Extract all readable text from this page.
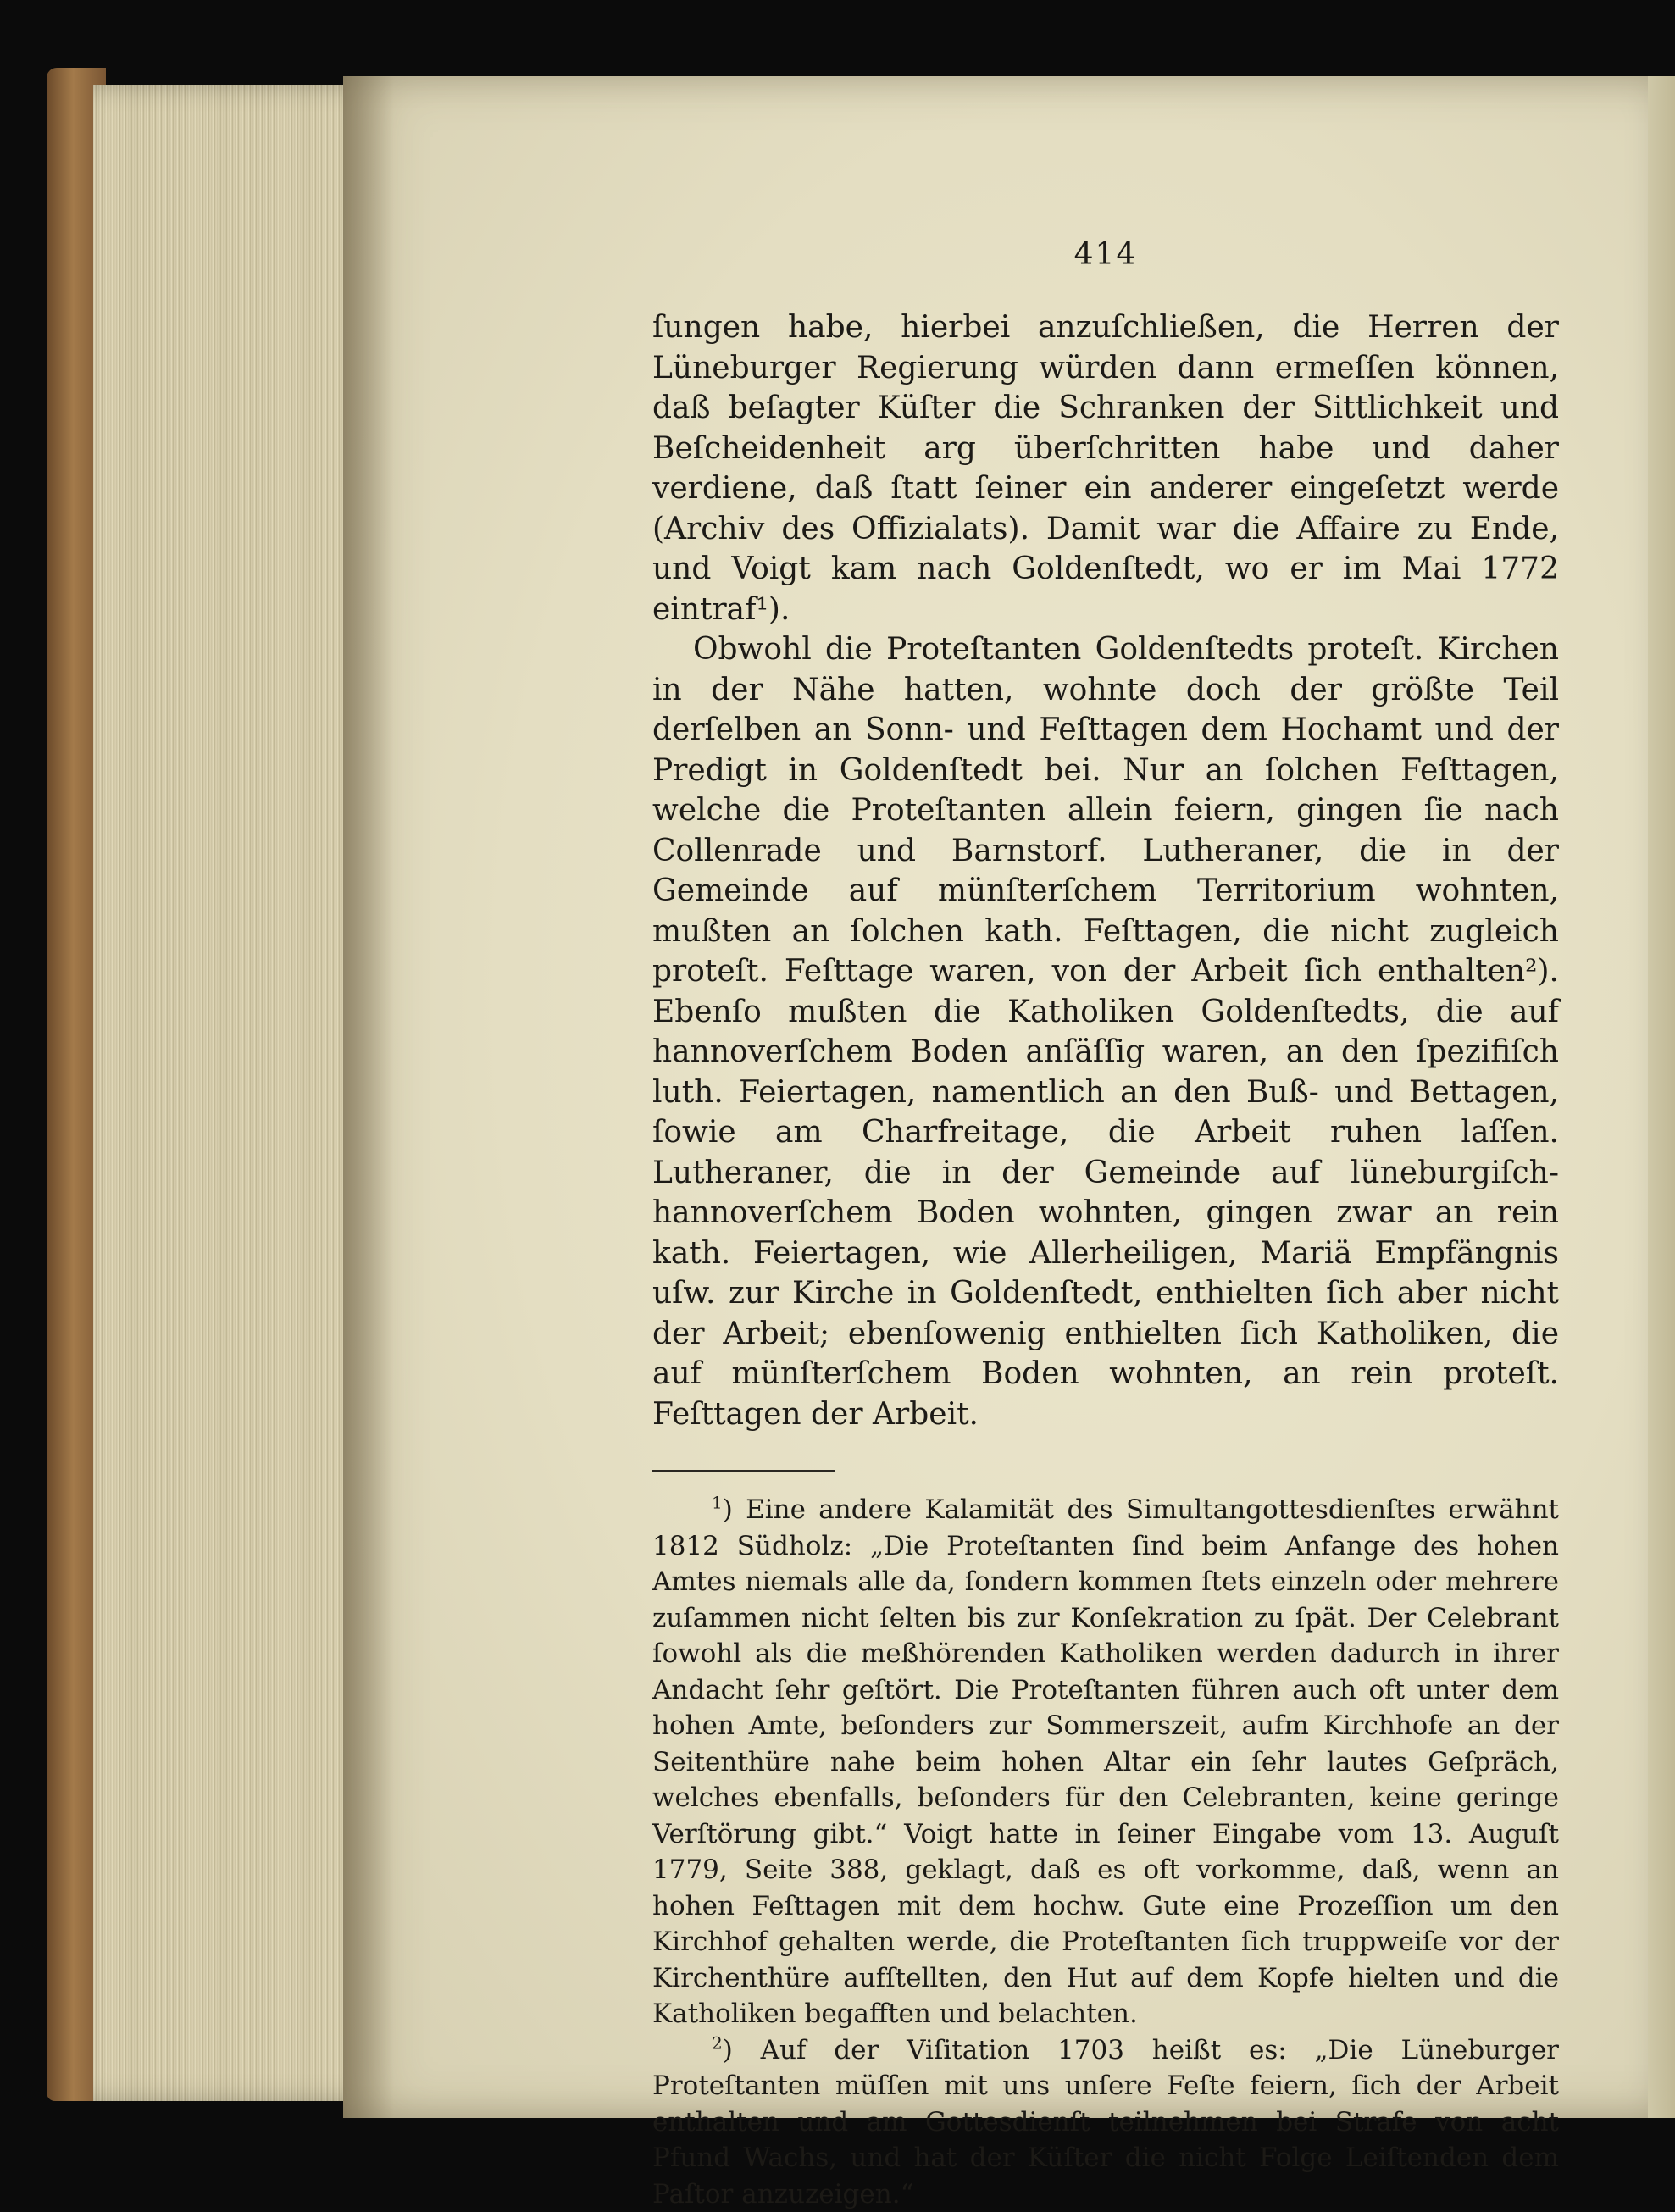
414

ſungen habe, hierbei anzuſchließen, die Herren der Lüneburger Regierung würden dann ermeſſen können, daß beſagter Küſter die Schranken der Sittlichkeit und Beſcheidenheit arg überſchritten habe und daher verdiene, daß ſtatt ſeiner ein anderer eingeſetzt werde (Archiv des Offizialats). Damit war die Affaire zu Ende, und Voigt kam nach Goldenſtedt, wo er im Mai 1772 eintraf¹).

Obwohl die Proteſtanten Goldenſtedts proteſt. Kirchen in der Nähe hatten, wohnte doch der größte Teil derſelben an Sonn- und Feſttagen dem Hochamt und der Predigt in Goldenſtedt bei. Nur an ſolchen Feſttagen, welche die Proteſtanten allein feiern, gingen ſie nach Collenrade und Barnstorf. Lutheraner, die in der Gemeinde auf münſterſchem Territorium wohnten, mußten an ſolchen kath. Feſttagen, die nicht zugleich proteſt. Feſttage waren, von der Arbeit ſich enthalten²). Ebenſo mußten die Katholiken Goldenſtedts, die auf hannoverſchem Boden anſäſſig waren, an den ſpezifiſch luth. Feiertagen, namentlich an den Buß- und Bettagen, ſowie am Charfreitage, die Arbeit ruhen laſſen. Lutheraner, die in der Gemeinde auf lüneburgiſch-hannoverſchem Boden wohnten, gingen zwar an rein kath. Feiertagen, wie Allerheiligen, Mariä Empfängnis uſw. zur Kirche in Goldenſtedt, enthielten ſich aber nicht der Arbeit; ebenſowenig enthielten ſich Katholiken, die auf münſterſchem Boden wohnten, an rein proteſt. Feſttagen der Arbeit.

$^1$) Eine andere Kalamität des Simultangottesdienſtes erwähnt 1812 Südholz: „Die Proteſtanten ſind beim Anfange des hohen Amtes niemals alle da, ſondern kommen ſtets einzeln oder mehrere zuſammen nicht ſelten bis zur Konſekration zu ſpät. Der Celebrant ſowohl als die meßhörenden Katholiken werden dadurch in ihrer Andacht ſehr geſtört. Die Proteſtanten führen auch oft unter dem hohen Amte, beſonders zur Sommerszeit, aufm Kirchhofe an der Seitenthüre nahe beim hohen Altar ein ſehr lautes Geſpräch, welches ebenfalls, beſonders für den Celebranten, keine geringe Verſtörung gibt.“ Voigt hatte in ſeiner Eingabe vom 13. Auguſt 1779, Seite 388, geklagt, daß es oft vorkomme, daß, wenn an hohen Feſttagen mit dem hochw. Gute eine Prozeſſion um den Kirchhof gehalten werde, die Proteſtanten ſich truppweiſe vor der Kirchenthüre aufſtellten, den Hut auf dem Kopfe hielten und die Katholiken begafften und belachten.

$^2$) Auf der Viſitation 1703 heißt es: „Die Lüneburger Proteſtanten müſſen mit uns unſere Feſte feiern, ſich der Arbeit enthalten und am Gottesdienſt teilnehmen bei Strafe von acht Pfund Wachs, und hat der Küſter die nicht Folge Leiſtenden dem Paſtor anzuzeigen.“
